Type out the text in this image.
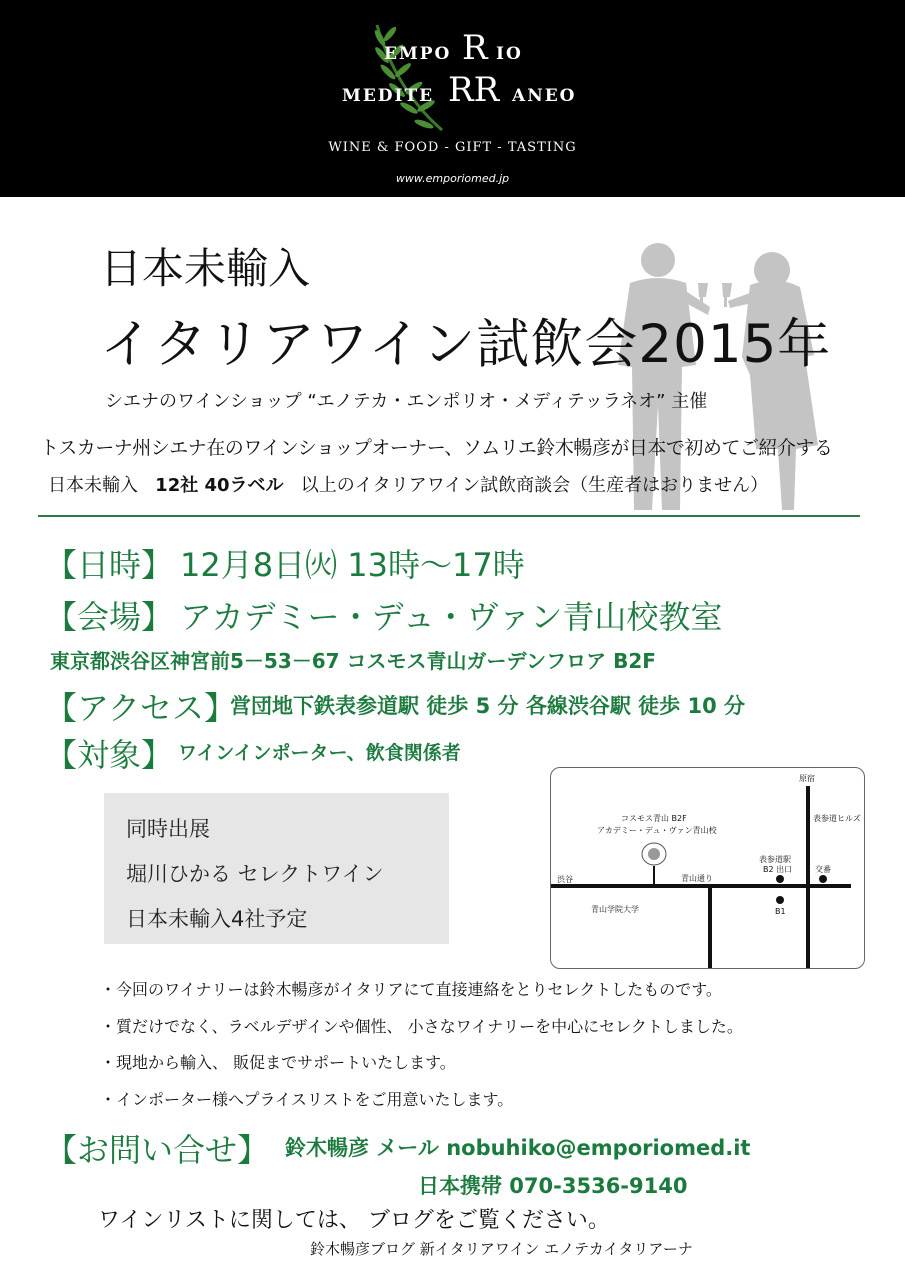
EMPO R IO
MEDITE RR ANEO
WINE & FOOD - GIFT - TASTING
www.emporiomed.jp
日本未輸入
イタリアワイン試飲会2015年
シエナのワインショップ “エノテカ・エンポリオ・メディテッラネオ” 主催
トスカーナ州シエナ在のワインショップオーナー、ソムリエ鈴木暢彦が日本で初めてご紹介する
日本未輸入 12社 40ラベル 以上のイタリアワイン試飲商談会（生産者はおりません）
【日時】 12月8日㈫ 13時〜17時
【会場】 アカデミー・デュ・ヴァン青山校教室
東京都渋谷区神宮前5－53－67 コスモス青山ガーデンフロア B2F
【アクセス】
営団地下鉄表参道駅 徒歩 5 分 各線渋谷駅 徒歩 10 分
【対象】 ワインインポーター、飲食関係者
同時出展
堀川ひかる セレクトワイン
日本未輸入4社予定
原宿
表参道ヒルズ
コスモス青山 B2F
アカデミー・デュ・ヴァン青山校
表参道駅
B2 出口	交番
渋谷	青山通り
青山学院大学	B1
・今回のワイナリーは鈴木暢彦がイタリアにて直接連絡をとりセレクトしたものです。
・質だけでなく、ラベルデザインや個性、 小さなワイナリーを中心にセレクトしました。
・現地から輸入、 販促までサポートいたします。
・インポーター様へプライスリストをご用意いたします。
【お問い合せ】 鈴木暢彦 メール nobuhiko@emporiomed.it
日本携帯 070-3536-9140
ワインリストに関しては、 ブログをご覧ください。
鈴木暢彦ブログ 新イタリアワイン エノテカイタリアーナ
